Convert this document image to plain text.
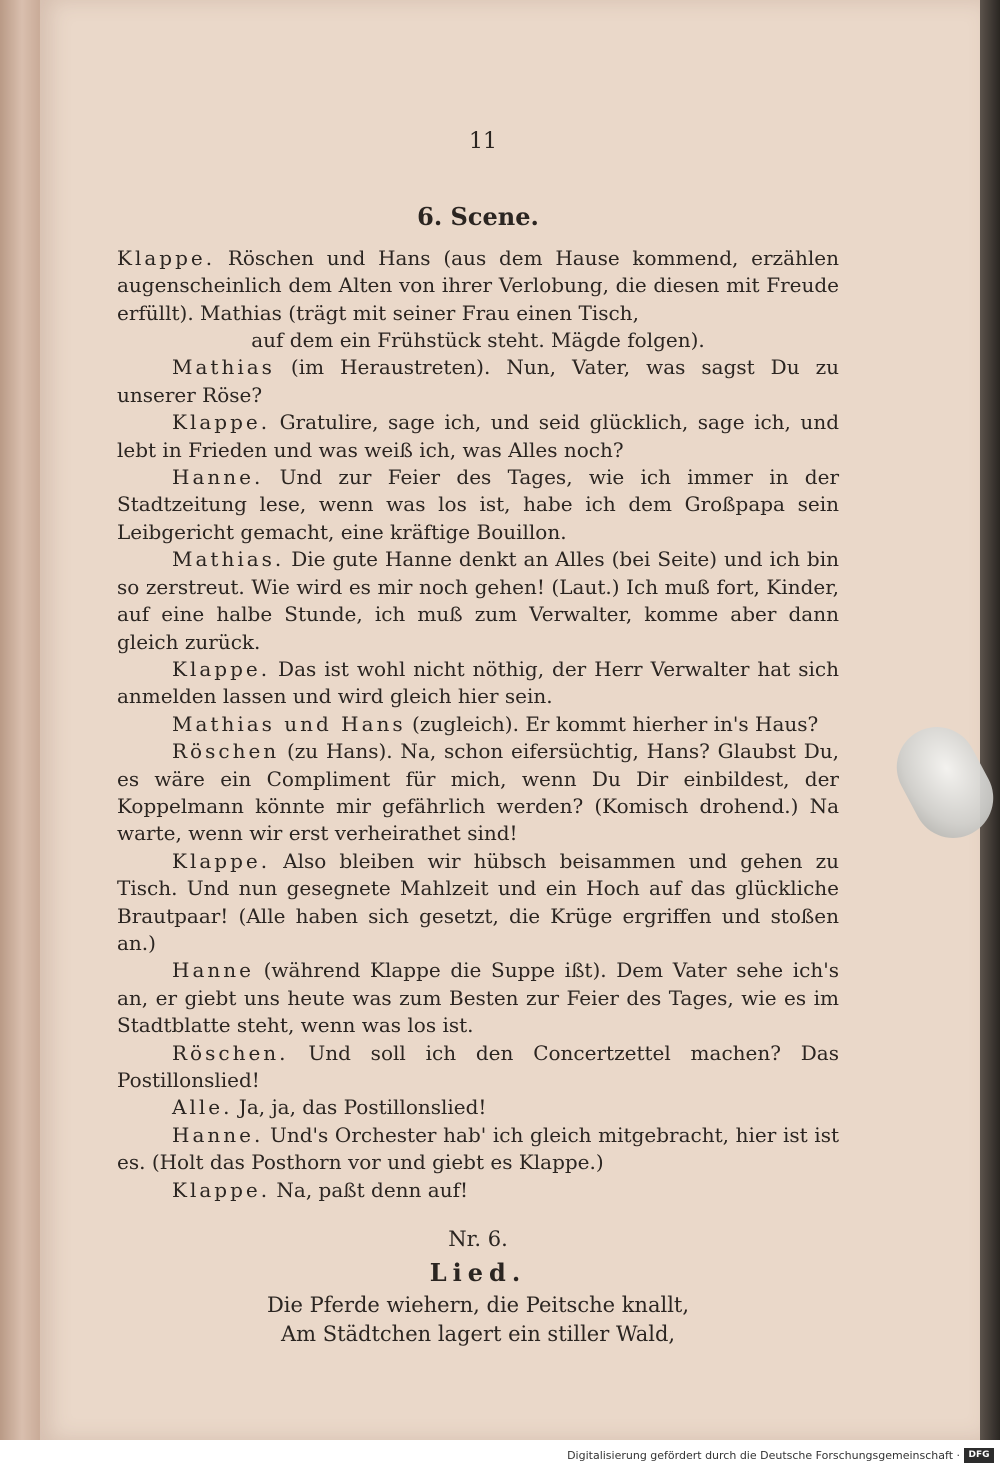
11
6. Scene.

Klappe. Röschen und Hans (aus dem Hause kommend, erzählen augenscheinlich dem Alten von ihrer Verlobung, die diesen mit Freude erfüllt). Mathias (trägt mit seiner Frau einen Tisch,

auf dem ein Frühstück steht. Mägde folgen).

Mathias (im Heraustreten). Nun, Vater, was sagst Du zu unserer Röse?

Klappe. Gratulire, sage ich, und seid glücklich, sage ich, und lebt in Frieden und was weiß ich, was Alles noch?

Hanne. Und zur Feier des Tages, wie ich immer in der Stadtzeitung lese, wenn was los ist, habe ich dem Großpapa sein Leibgericht gemacht, eine kräftige Bouillon.

Mathias. Die gute Hanne denkt an Alles (bei Seite) und ich bin so zerstreut. Wie wird es mir noch gehen! (Laut.) Ich muß fort, Kinder, auf eine halbe Stunde, ich muß zum Verwalter, komme aber dann gleich zurück.

Klappe. Das ist wohl nicht nöthig, der Herr Verwalter hat sich anmelden lassen und wird gleich hier sein.

Mathias und Hans (zugleich). Er kommt hierher in's Haus?

Röschen (zu Hans). Na, schon eifersüchtig, Hans? Glaubst Du, es wäre ein Compliment für mich, wenn Du Dir einbildest, der Koppelmann könnte mir gefährlich werden? (Komisch drohend.) Na warte, wenn wir erst verheirathet sind!

Klappe. Also bleiben wir hübsch beisammen und gehen zu Tisch. Und nun gesegnete Mahlzeit und ein Hoch auf das glückliche Brautpaar! (Alle haben sich gesetzt, die Krüge ergriffen und stoßen an.)

Hanne (während Klappe die Suppe ißt). Dem Vater sehe ich's an, er giebt uns heute was zum Besten zur Feier des Tages, wie es im Stadtblatte steht, wenn was los ist.

Röschen. Und soll ich den Concertzettel machen? Das Postillonslied!

Alle. Ja, ja, das Postillonslied!

Hanne. Und's Orchester hab' ich gleich mitgebracht, hier ist ist es. (Holt das Posthorn vor und giebt es Klappe.)

Klappe. Na, paßt denn auf!

Nr. 6.
Lied.

Die Pferde wiehern, die Peitsche knallt,

Am Städtchen lagert ein stiller Wald,

Digitalisierung gefördert durch die Deutsche Forschungsgemeinschaft · DFG
